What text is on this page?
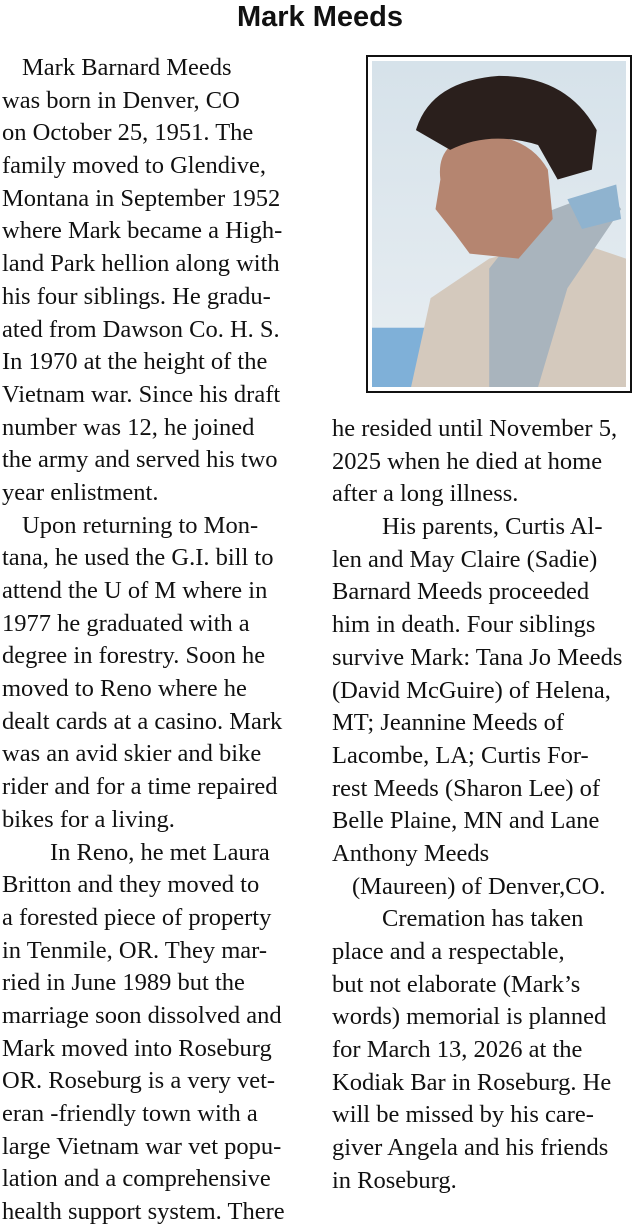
Mark Meeds
Mark Barnard Meeds
was born in Denver, CO
on October 25, 1951. The
family moved to Glendive,
Montana in September 1952
where Mark became a High-
land Park hellion along with
his four siblings. He gradu-
ated from Dawson Co. H. S.
In 1970 at the height of the
Vietnam war. Since his draft
number was 12, he joined
the army and served his two
year enlistment.
Upon returning to Mon-
tana, he used the G.I. bill to
attend the U of M where in
1977 he graduated with a
degree in forestry. Soon he
moved to Reno where he
dealt cards at a casino. Mark
was an avid skier and bike
rider and for a time repaired
bikes for a living.
In Reno, he met Laura
Britton and they moved to
a forested piece of property
in Tenmile, OR. They mar-
ried in June 1989 but the
marriage soon dissolved and
Mark moved into Roseburg
OR. Roseburg is a very vet-
eran -friendly town with a
large Vietnam war vet popu-
lation and a comprehensive
health support system. There
he resided until November 5,
2025 when he died at home
after a long illness.
His parents, Curtis Al-
len and May Claire (Sadie)
Barnard Meeds proceeded
him in death. Four siblings
survive Mark: Tana Jo Meeds
(David McGuire) of Helena,
MT; Jeannine Meeds of
Lacombe, LA; Curtis For-
rest Meeds (Sharon Lee) of
Belle Plaine, MN and Lane
Anthony Meeds
(Maureen) of Denver,CO.
Cremation has taken
place and a respectable,
but not elaborate (Mark’s
words) memorial is planned
for March 13, 2026 at the
Kodiak Bar in Roseburg. He
will be missed by his care-
giver Angela and his friends
in Roseburg.
